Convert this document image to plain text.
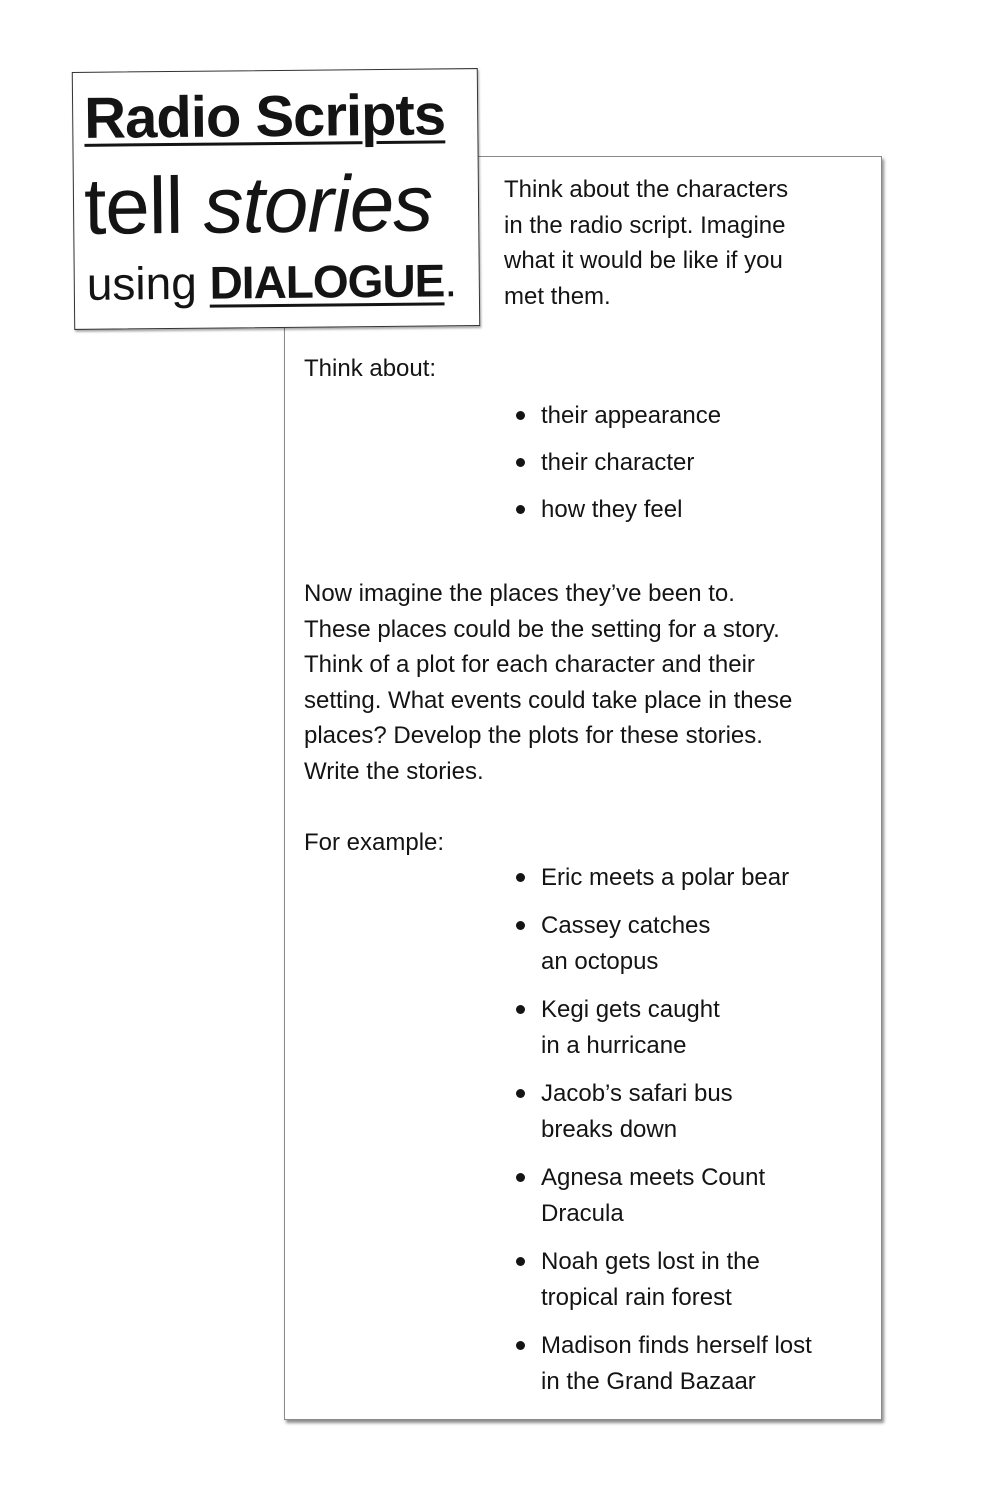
Radio Scripts
tell stories
using DIALOGUE.
Think about the characters
in the radio script. Imagine
what it would be like if you
met them.
Think about:
their appearance
their character
how they feel
Now imagine the places they’ve been to.
These places could be the setting for a story.
Think of a plot for each character and their
setting. What events could take place in these
places? Develop the plots for these stories.
Write the stories.
For example:
Eric meets a polar bear
Cassey catches
an octopus
Kegi gets caught
in a hurricane
Jacob’s safari bus
breaks down
Agnesa meets Count
Dracula
Noah gets lost in the
tropical rain forest
Madison finds herself lost
in the Grand Bazaar
